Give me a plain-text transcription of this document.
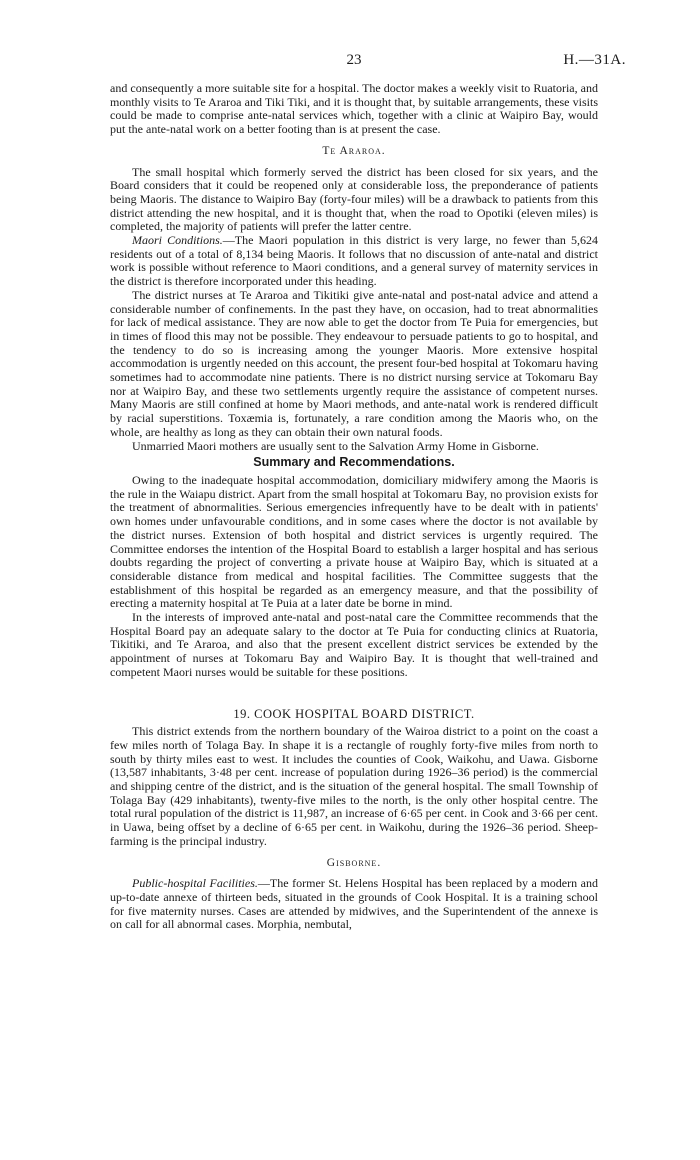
23	H.—31A.

and consequently a more suitable site for a hospital. The doctor makes a weekly visit to Ruatoria, and monthly visits to Te Araroa and Tiki Tiki, and it is thought that, by suitable arrangements, these visits could be made to comprise ante-natal services which, together with a clinic at Waipiro Bay, would put the ante-natal work on a better footing than is at present the case.

Te Araroa.

The small hospital which formerly served the district has been closed for six years, and the Board considers that it could be reopened only at considerable loss, the preponderance of patients being Maoris. The distance to Waipiro Bay (forty-four miles) will be a drawback to patients from this district attending the new hospital, and it is thought that, when the road to Opotiki (eleven miles) is completed, the majority of patients will prefer the latter centre.

Maori Conditions.—The Maori population in this district is very large, no fewer than 5,624 residents out of a total of 8,134 being Maoris. It follows that no discussion of ante-natal and district work is possible without reference to Maori conditions, and a general survey of maternity services in the district is therefore incorporated under this heading.

The district nurses at Te Araroa and Tikitiki give ante-natal and post-natal advice and attend a considerable number of confinements. In the past they have, on occasion, had to treat abnormalities for lack of medical assistance. They are now able to get the doctor from Te Puia for emergencies, but in times of flood this may not be possible. They endeavour to persuade patients to go to hospital, and the tendency to do so is increasing among the younger Maoris. More extensive hospital accommodation is urgently needed on this account, the present four-bed hospital at Tokomaru having sometimes had to accommodate nine patients. There is no district nursing service at Tokomaru Bay nor at Waipiro Bay, and these two settlements urgently require the assistance of competent nurses. Many Maoris are still confined at home by Maori methods, and ante-natal work is rendered difficult by racial superstitions. Toxæmia is, fortunately, a rare condition among the Maoris who, on the whole, are healthy as long as they can obtain their own natural foods.

Unmarried Maori mothers are usually sent to the Salvation Army Home in Gisborne.

Summary and Recommendations.

Owing to the inadequate hospital accommodation, domiciliary midwifery among the Maoris is the rule in the Waiapu district. Apart from the small hospital at Tokomaru Bay, no provision exists for the treatment of abnormalities. Serious emergencies infrequently have to be dealt with in patients' own homes under unfavourable conditions, and in some cases where the doctor is not available by the district nurses. Extension of both hospital and district services is urgently required. The Committee endorses the intention of the Hospital Board to establish a larger hospital and has serious doubts regarding the project of converting a private house at Waipiro Bay, which is situated at a considerable distance from medical and hospital facilities. The Committee suggests that the establishment of this hospital be regarded as an emergency measure, and that the possibility of erecting a maternity hospital at Te Puia at a later date be borne in mind.

In the interests of improved ante-natal and post-natal care the Committee recommends that the Hospital Board pay an adequate salary to the doctor at Te Puia for conducting clinics at Ruatoria, Tikitiki, and Te Araroa, and also that the present excellent district services be extended by the appointment of nurses at Tokomaru Bay and Waipiro Bay. It is thought that well-trained and competent Maori nurses would be suitable for these positions.

19. COOK HOSPITAL BOARD DISTRICT.

This district extends from the northern boundary of the Wairoa district to a point on the coast a few miles north of Tolaga Bay. In shape it is a rectangle of roughly forty-five miles from north to south by thirty miles east to west. It includes the counties of Cook, Waikohu, and Uawa. Gisborne (13,587 inhabitants, 3·48 per cent. increase of population during 1926–36 period) is the commercial and shipping centre of the district, and is the situation of the general hospital. The small Township of Tolaga Bay (429 inhabitants), twenty-five miles to the north, is the only other hospital centre. The total rural population of the district is 11,987, an increase of 6·65 per cent. in Cook and 3·66 per cent. in Uawa, being offset by a decline of 6·65 per cent. in Waikohu, during the 1926–36 period. Sheep-farming is the principal industry.

Gisborne.

Public-hospital Facilities.—The former St. Helens Hospital has been replaced by a modern and up-to-date annexe of thirteen beds, situated in the grounds of Cook Hospital. It is a training school for five maternity nurses. Cases are attended by midwives, and the Superintendent of the annexe is on call for all abnormal cases. Morphia, nembutal,
